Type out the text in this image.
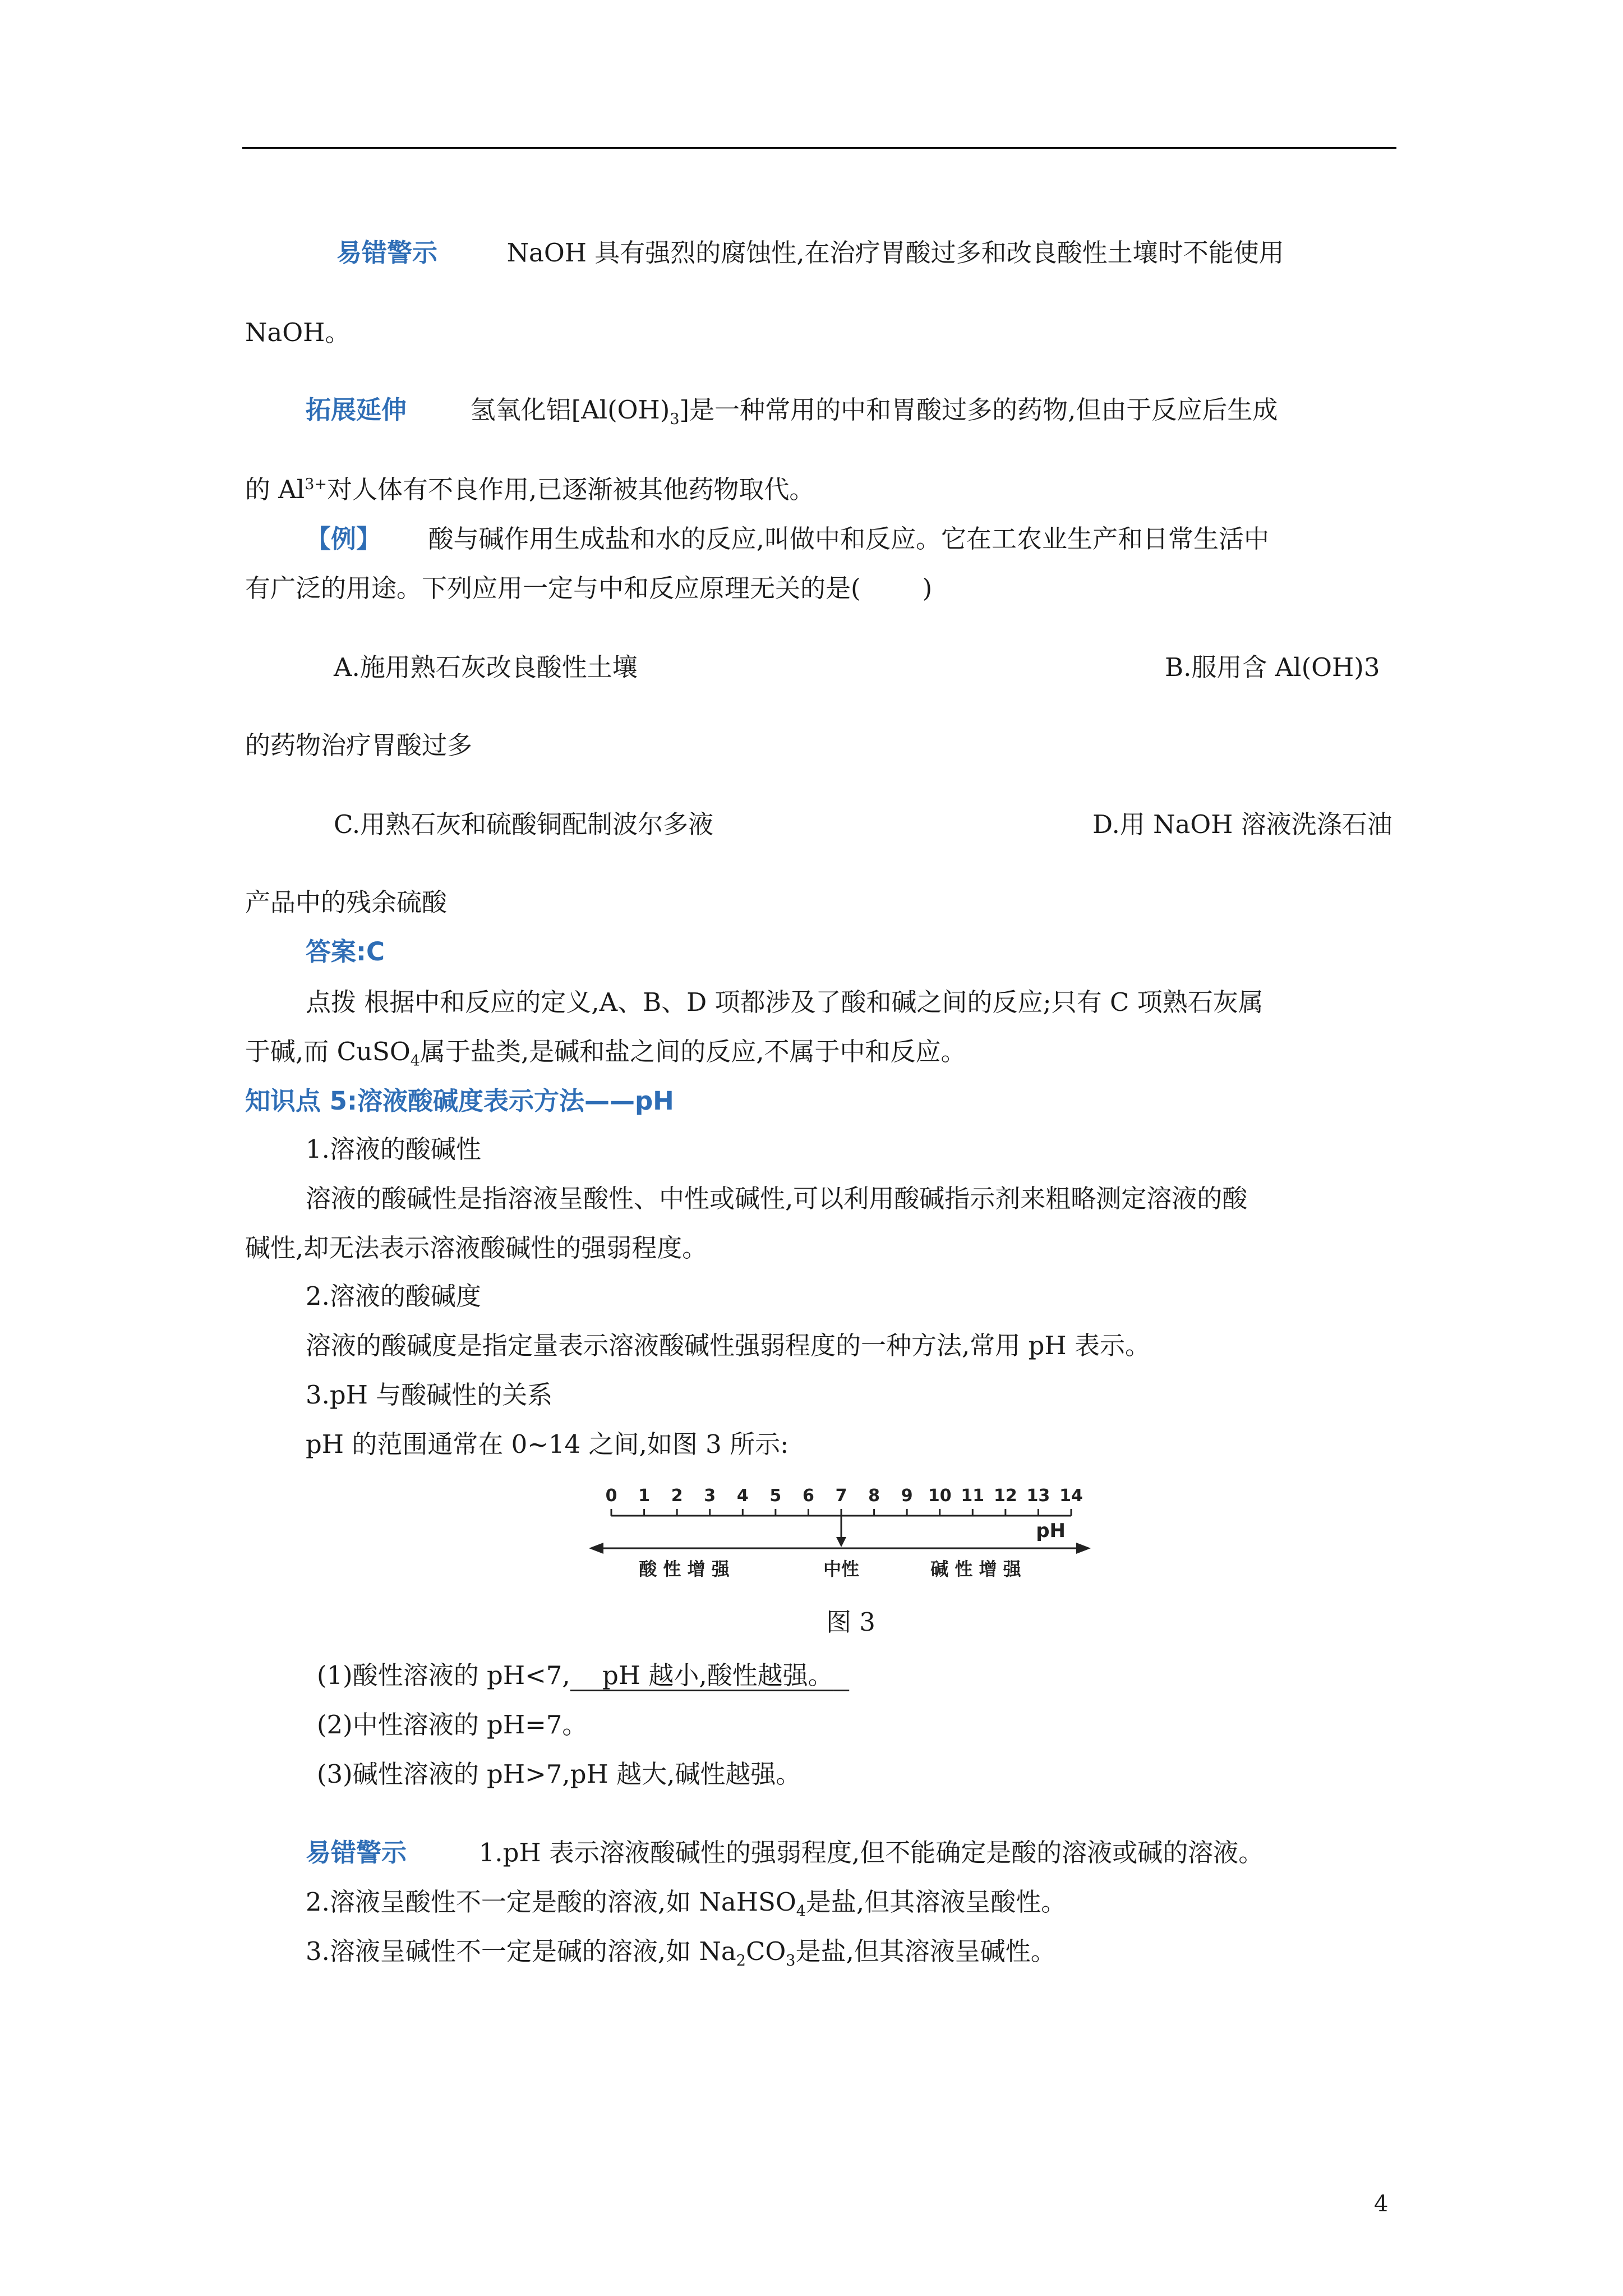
易错警示	NaOH 具有强烈的腐蚀性,在治疗胃酸过多和改良酸性土壤时不能使用
NaOH。
拓展延伸	氢氧化铝$[Al(OH)_3]$是一种常用的中和胃酸过多的药物,但由于反应后生成
的 $Al^{3+}$对人体有不良作用,已逐渐被其他药物取代。
【例】 酸与碱作用生成盐和水的反应,叫做中和反应。它在工农业生产和日常生活中
有广泛的用途。下列应用一定与中和反应原理无关的是( )
A.施用熟石灰改良酸性土壤	B.服用含 Al(OH)3
的药物治疗胃酸过多
C.用熟石灰和硫酸铜配制波尔多液	D.用 NaOH 溶液洗涤石油
产品中的残余硫酸
答案:C
点拨 根据中和反应的定义,A、B、D 项都涉及了酸和碱之间的反应;只有 C 项熟石灰属
于碱,而 CuSO$_4$属于盐类,是碱和盐之间的反应,不属于中和反应。
知识点 5:溶液酸碱度表示方法——pH
1.溶液的酸碱性
溶液的酸碱性是指溶液呈酸性、中性或碱性,可以利用酸碱指示剂来粗略测定溶液的酸
碱性,却无法表示溶液酸碱性的强弱程度。
2.溶液的酸碱度
溶液的酸碱度是指定量表示溶液酸碱性强弱程度的一种方法,常用 pH 表示。
3.pH 与酸碱性的关系
pH 的范围通常在 0~14 之间,如图 3 所示:
0 1 2 3 4 5 6 7 8 9 10 11 12 13 14
pH
酸 性 增 强	中性	碱 性 增 强
图 3
(1)酸性溶液的 pH<7, pH 越小,酸性越强。
(2)中性溶液的 pH=7。
(3)碱性溶液的 pH>7,pH 越大,碱性越强。
易错警示	1.pH 表示溶液酸碱性的强弱程度,但不能确定是酸的溶液或碱的溶液。
2.溶液呈酸性不一定是酸的溶液,如 NaHSO$_4$是盐,但其溶液呈酸性。
3.溶液呈碱性不一定是碱的溶液,如 $Na_2CO_3$是盐,但其溶液呈碱性。
4
